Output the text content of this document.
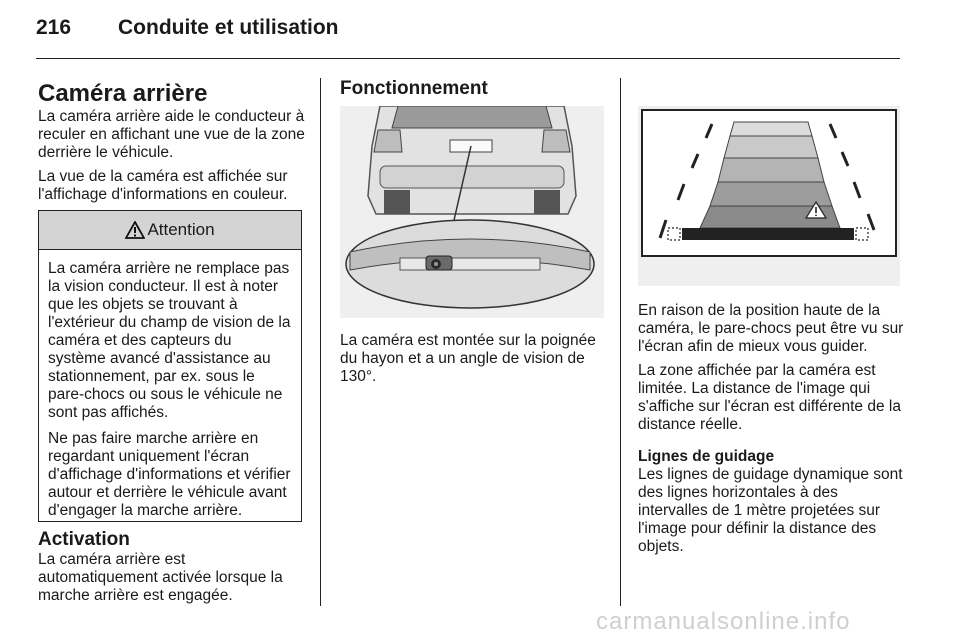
216 Conduite et utilisation
Caméra arrière

La caméra arrière aide le conducteur à reculer en affichant une vue de la zone derrière le véhicule.

La vue de la caméra est affichée sur l'affichage d'informations en couleur.

Attention

La caméra arrière ne remplace pas la vision conducteur. Il est à noter que les objets se trouvant à l'extérieur du champ de vision de la caméra et des capteurs du système avancé d'assistance au stationnement, par ex. sous le pare-chocs ou sous le véhicule ne sont pas affichés.

Ne pas faire marche arrière en regardant uniquement l'écran d'affichage d'informations et vérifier autour et derrière le véhicule avant d'engager la marche arrière.

Activation

La caméra arrière est automatiquement activée lorsque la marche arrière est engagée.

Fonctionnement

La caméra est montée sur la poignée du hayon et a un angle de vision de 130°.

En raison de la position haute de la caméra, le pare-chocs peut être vu sur l'écran afin de mieux vous guider.

La zone affichée par la caméra est limitée. La distance de l'image qui s'affiche sur l'écran est différente de la distance réelle.

Lignes de guidage

Les lignes de guidage dynamique sont des lignes horizontales à des intervalles de 1 mètre projetées sur l'image pour définir la distance des objets.

carmanualsonline.info
